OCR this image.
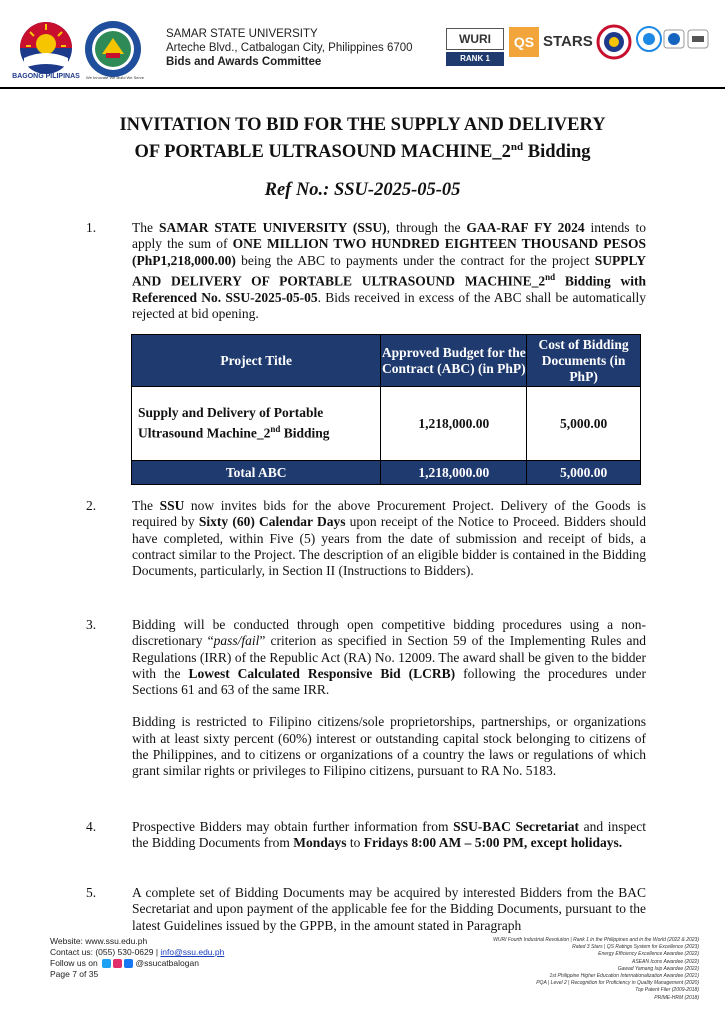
BAGONG PILIPINAS	We Innovate We Build We Serve
SAMAR STATE UNIVERSITY
Arteche Blvd., Catbalogan City, Philippines 6700
Bids and Awards Committee
WURI
RANK 1
QS STARS
INVITATION TO BID FOR THE SUPPLY AND DELIVERY
OF PORTABLE ULTRASOUND MACHINE_2nd Bidding
Ref No.: SSU-2025-05-05
1.	The SAMAR STATE UNIVERSITY (SSU), through the GAA-RAF FY 2024 intends to apply the sum of ONE MILLION TWO HUNDRED EIGHTEEN THOUSAND PESOS (PhP1,218,000.00) being the ABC to payments under the contract for the project SUPPLY AND DELIVERY OF PORTABLE ULTRASOUND MACHINE_2nd Bidding with Referenced No. SSU-2025-05-05. Bids received in excess of the ABC shall be automatically rejected at bid opening.
Project Title	Approved Budget for the Contract (ABC) (in PhP)	Cost of Bidding Documents (in PhP)
Supply and Delivery of Portable Ultrasound Machine_2nd Bidding	1,218,000.00	5,000.00
Total ABC	1,218,000.00	5,000.00
2.	The SSU now invites bids for the above Procurement Project. Delivery of the Goods is required by Sixty (60) Calendar Days upon receipt of the Notice to Proceed. Bidders should have completed, within Five (5) years from the date of submission and receipt of bids, a contract similar to the Project. The description of an eligible bidder is contained in the Bidding Documents, particularly, in Section II (Instructions to Bidders).
3.	Bidding will be conducted through open competitive bidding procedures using a non-discretionary “pass/fail” criterion as specified in Section 59 of the Implementing Rules and Regulations (IRR) of the Republic Act (RA) No. 12009. The award shall be given to the bidder with the Lowest Calculated Responsive Bid (LCRB) following the procedures under Sections 61 and 63 of the same IRR.
Bidding is restricted to Filipino citizens/sole proprietorships, partnerships, or organizations with at least sixty percent (60%) interest or outstanding capital stock belonging to citizens of the Philippines, and to citizens or organizations of a country the laws or regulations of which grant similar rights or privileges to Filipino citizens, pursuant to RA No. 5183.
4.	Prospective Bidders may obtain further information from SSU-BAC Secretariat and inspect the Bidding Documents from Mondays to Fridays 8:00 AM – 5:00 PM, except holidays.
5.	A complete set of Bidding Documents may be acquired by interested Bidders from the BAC Secretariat and upon payment of the applicable fee for the Bidding Documents, pursuant to the latest Guidelines issued by the GPPB, in the amount stated in Paragraph
Website: www.ssu.edu.ph
Contact us: (055) 530-0629 | info@ssu.edu.ph
Follow us on	@ssucatbalogan
Page 7 of 35
WURI Fourth Industrial Revolution | Rank 1 in the Philippines and in the World (2022 & 2023)
Rated 3 Stars | QS Ratings System for Excellence (2023)
Energy Efficiency Excellence Awardee (2022)
ASEAN Icons Awardee (2022)
Gawad Yamang Isip Awardee (2022)
1st Philippine Higher Education Internationalization Awardee (2021)
PQA | Level 2 | Recognition for Proficiency in Quality Management (2020)
Top Patent Filer (2009-2018)
PRIME-HRM (2018)
